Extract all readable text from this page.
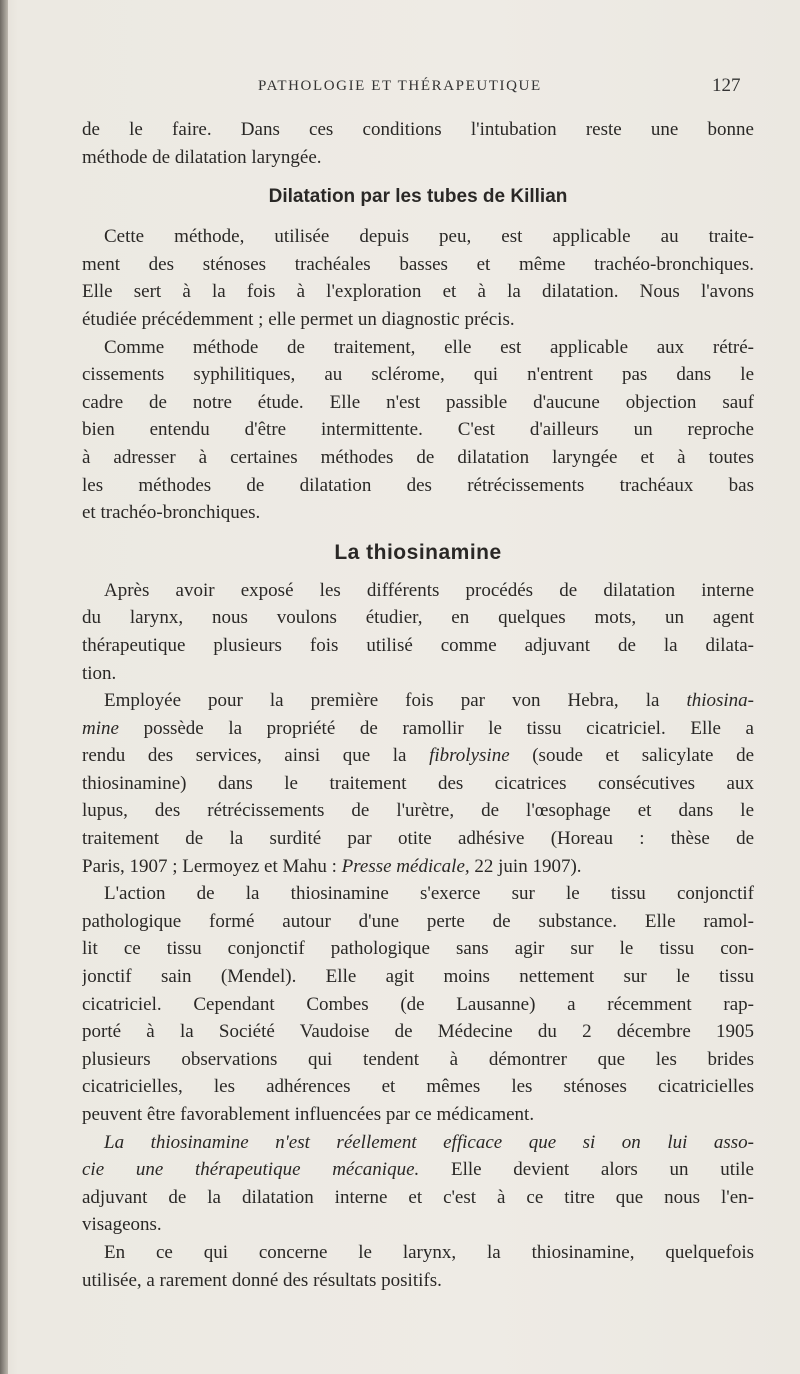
PATHOLOGIE ET THÉRAPEUTIQUE	127
de le faire. Dans ces conditions l'intubation reste une bonne
méthode de dilatation laryngée.
Dilatation par les tubes de Killian
Cette méthode, utilisée depuis peu, est applicable au traite-
ment des sténoses trachéales basses et même trachéo-bronchiques.
Elle sert à la fois à l'exploration et à la dilatation. Nous l'avons
étudiée précédemment ; elle permet un diagnostic précis.
Comme méthode de traitement, elle est applicable aux rétré-
cissements syphilitiques, au sclérome, qui n'entrent pas dans le
cadre de notre étude. Elle n'est passible d'aucune objection sauf
bien entendu d'être intermittente. C'est d'ailleurs un reproche
à adresser à certaines méthodes de dilatation laryngée et à toutes
les méthodes de dilatation des rétrécissements trachéaux bas
et trachéo-bronchiques.
La thiosinamine
Après avoir exposé les différents procédés de dilatation interne
du larynx, nous voulons étudier, en quelques mots, un agent
thérapeutique plusieurs fois utilisé comme adjuvant de la dilata-
tion.
Employée pour la première fois par von Hebra, la thiosina-
mine possède la propriété de ramollir le tissu cicatriciel. Elle a
rendu des services, ainsi que la fibrolysine (soude et salicylate de
thiosinamine) dans le traitement des cicatrices consécutives aux
lupus, des rétrécissements de l'urètre, de l'œsophage et dans le
traitement de la surdité par otite adhésive (Horeau : thèse de
Paris, 1907 ; Lermoyez et Mahu : Presse médicale, 22 juin 1907).
L'action de la thiosinamine s'exerce sur le tissu conjonctif
pathologique formé autour d'une perte de substance. Elle ramol-
lit ce tissu conjonctif pathologique sans agir sur le tissu con-
jonctif sain (Mendel). Elle agit moins nettement sur le tissu
cicatriciel. Cependant Combes (de Lausanne) a récemment rap-
porté à la Société Vaudoise de Médecine du 2 décembre 1905
plusieurs observations qui tendent à démontrer que les brides
cicatricielles, les adhérences et mêmes les sténoses cicatricielles
peuvent être favorablement influencées par ce médicament.
La thiosinamine n'est réellement efficace que si on lui asso-
cie une thérapeutique mécanique. Elle devient alors un utile
adjuvant de la dilatation interne et c'est à ce titre que nous l'en-
visageons.
En ce qui concerne le larynx, la thiosinamine, quelquefois
utilisée, a rarement donné des résultats positifs.
